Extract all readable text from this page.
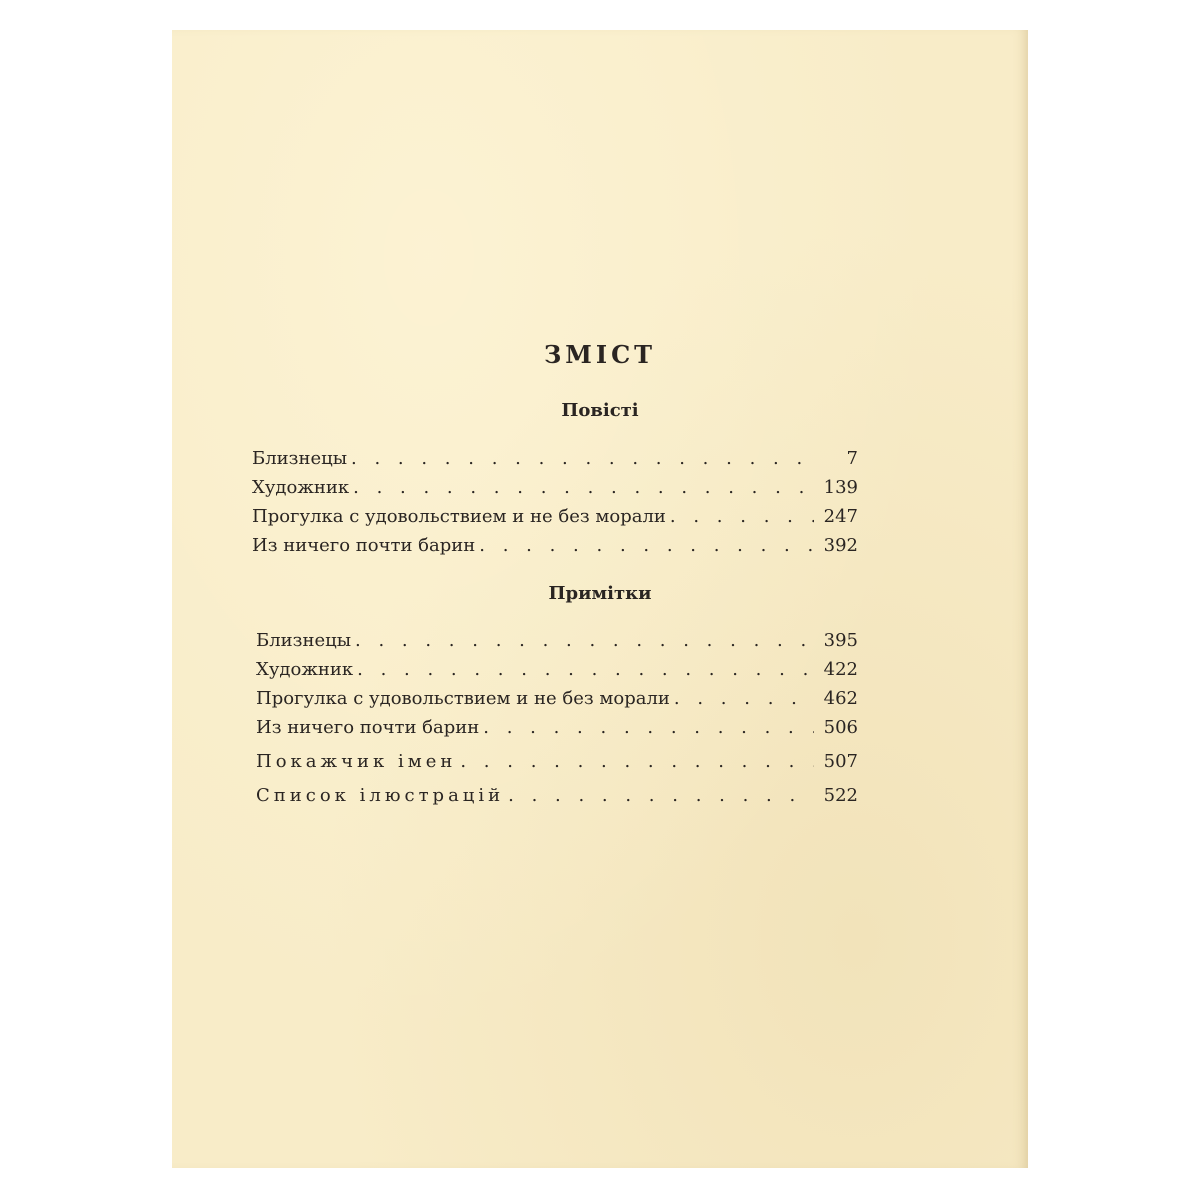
ЗМІСТ
Повісті
Близнецы . . .	7
Художник . . .	139
Прогулка с удовольствием и не без морали . . .	247
Из ничего почти барин . . .	392
Примітки
Близнецы . . .	395
Художник . . .	422
Прогулка с удовольствием и не без морали . . .	462
Из ничего почти барин . . .	506
Покажчик імен . . .	507
Список ілюстрацій . . .	522
